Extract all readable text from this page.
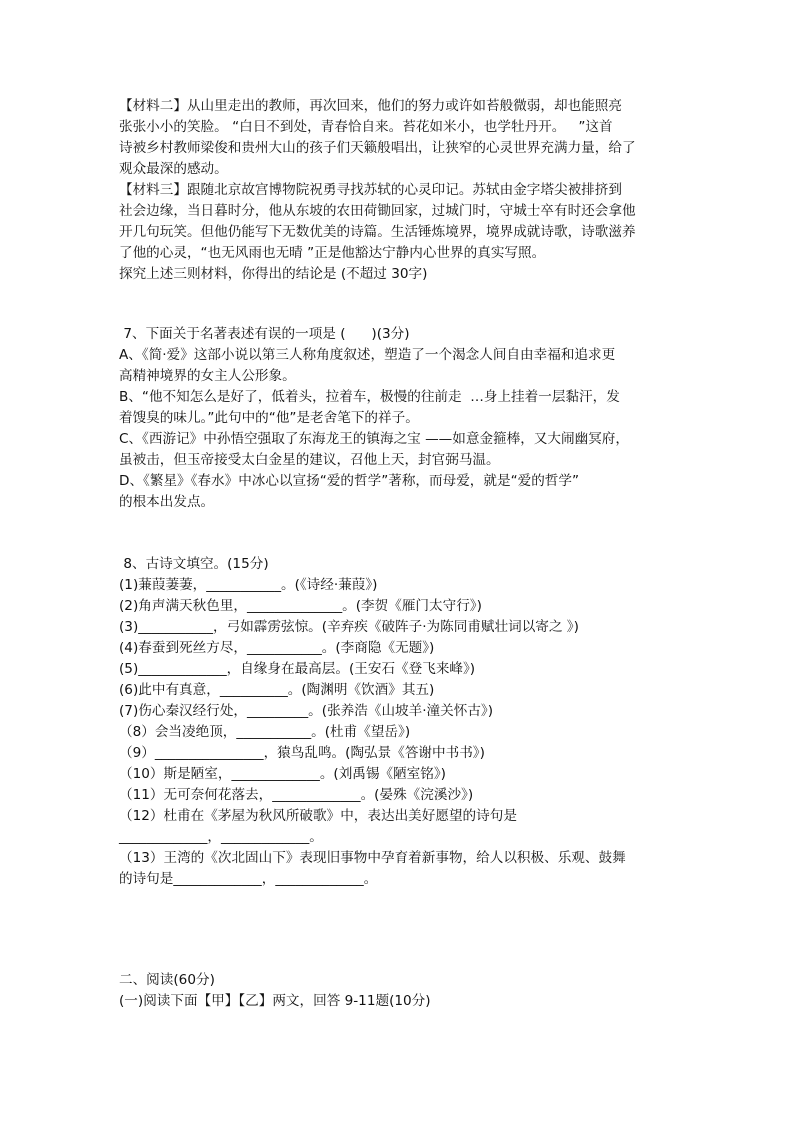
【材料二】从山里走出的教师，再次回来，他们的努力或许如苔般微弱，却也能照亮
张张小小的笑脸。 “白日不到处，青春恰自来。苔花如米小，也学牡丹开。   ”这首
诗被乡村教师梁俊和贵州大山的孩子们天籁般唱出，让狭窄的心灵世界充满力量，给了
观众最深的感动。
【材料三】跟随北京故宫博物院祝勇寻找苏轼的心灵印记。苏轼由金字塔尖被排挤到
社会边缘，当日暮时分，他从东坡的农田荷锄回家，过城门时，守城士卒有时还会拿他
开几句玩笑。但他仍能写下无数优美的诗篇。生活锤炼境界，境界成就诗歌，诗歌滋养
了他的心灵，“也无风雨也无晴 ”正是他豁达宁静内心世界的真实写照。
探究上述三则材料，你得出的结论是 (不超过 30字)
7、下面关于名著表述有误的一项是 (      )(3分)
A、《简·爱》这部小说以第三人称角度叙述，塑造了一个渴念人间自由幸福和追求更
高精神境界的女主人公形象。
B、“他不知怎么是好了，低着头，拉着车，极慢的往前走  …身上挂着一层黏汗，发
着馊臭的味儿。”此句中的“他”是老舍笔下的祥子。
C、《西游记》中孙悟空强取了东海龙王的镇海之宝 ——如意金箍棒，又大闹幽冥府，
虽被击，但玉帝接受太白金星的建议，召他上天，封官弼马温。
D、《繁星》《春水》中冰心以宣扬“爱的哲学”著称，而母爱，就是“爱的哲学”
的根本出发点。
8、古诗文填空。(15分)
(1)蒹葭萋萋，___________。(《诗经·蒹葭》)
(2)角声满天秋色里，______________。(李贺《雁门太守行》)
(3)___________，弓如霹雳弦惊。(辛弃疾《破阵子·为陈同甫赋壮词以寄之 》)
(4)春蚕到死丝方尽，___________。(李商隐《无题》)
(5)_____________，自缘身在最高层。(王安石《登飞来峰》)
(6)此中有真意，__________。(陶渊明《饮酒》其五)
(7)伤心秦汉经行处，_________。(张养浩《山坡羊·潼关怀古》)
（8）会当凌绝顶，___________。(杜甫《望岳》)
（9）________________，猿鸟乱鸣。(陶弘景《答谢中书书》)
（10）斯是陋室，_____________。(刘禹锡《陋室铭》)
（11）无可奈何花落去，_____________。(晏殊《浣溪沙》)
（12）杜甫在《茅屋为秋风所破歌》中，表达出美好愿望的诗句是
_____________，_____________。
（13）王湾的《次北固山下》表现旧事物中孕育着新事物，给人以积极、乐观、鼓舞
的诗句是_____________，_____________。
二、阅读(60分)
(一)阅读下面【甲】【乙】两文，回答 9-11题(10分)
